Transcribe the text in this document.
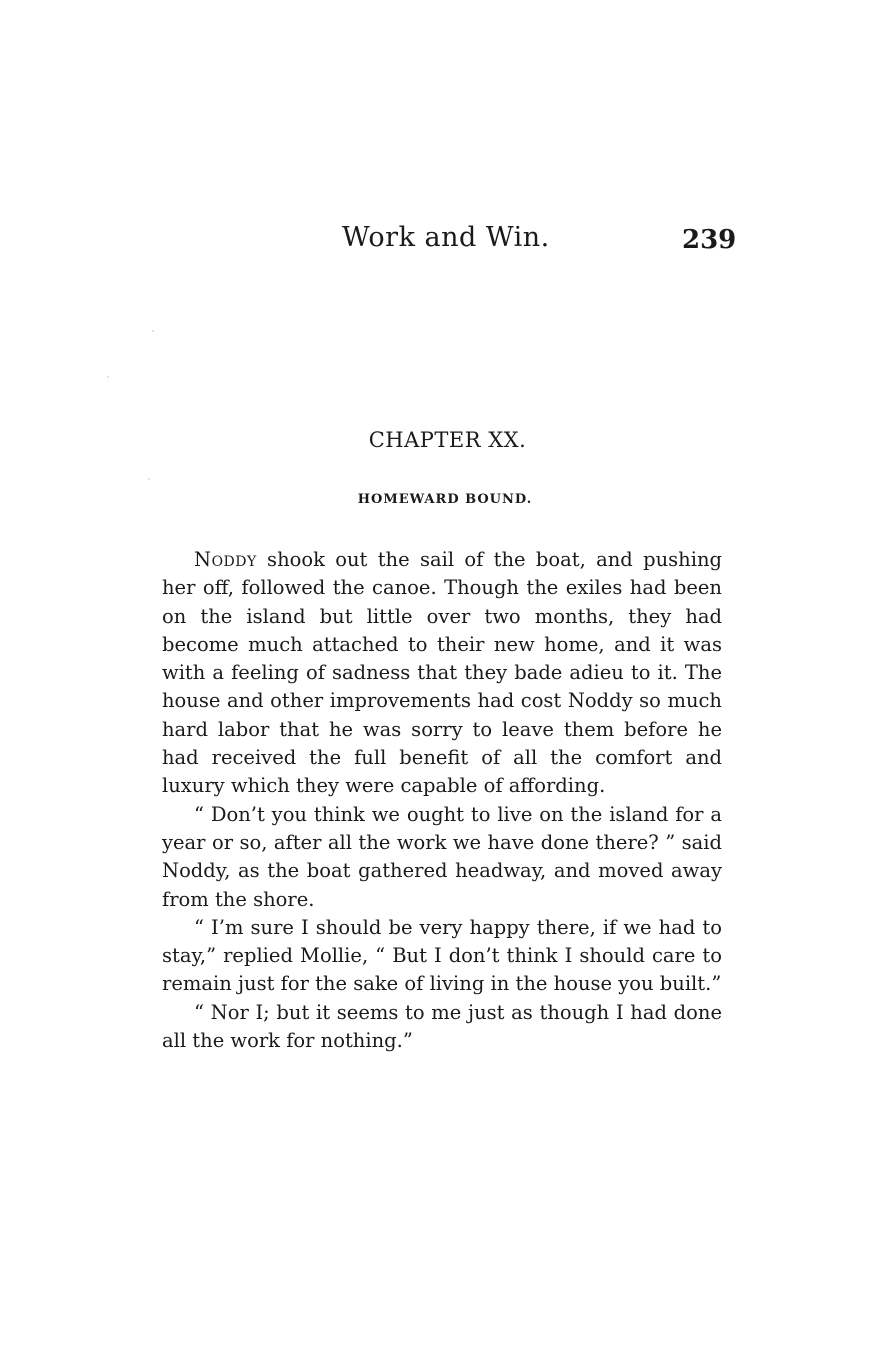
Work and Win.	239
CHAPTER XX.
HOMEWARD BOUND.

Noddy shook out the sail of the boat, and pushing her off, followed the canoe. Though the exiles had been on the island but little over two months, they had become much attached to their new home, and it was with a feeling of sadness that they bade adieu to it. The house and other improvements had cost Noddy so much hard labor that he was sorry to leave them before he had received the full benefit of all the comfort and luxury which they were capable of affording.

“ Don’t you think we ought to live on the island for a year or so, after all the work we have done there? ” said Noddy, as the boat gathered headway, and moved away from the shore.

“ I’m sure I should be very happy there, if we had to stay,” replied Mollie, “ But I don’t think I should care to remain just for the sake of living in the house you built.”

“ Nor I; but it seems to me just as though I had done all the work for nothing.”
